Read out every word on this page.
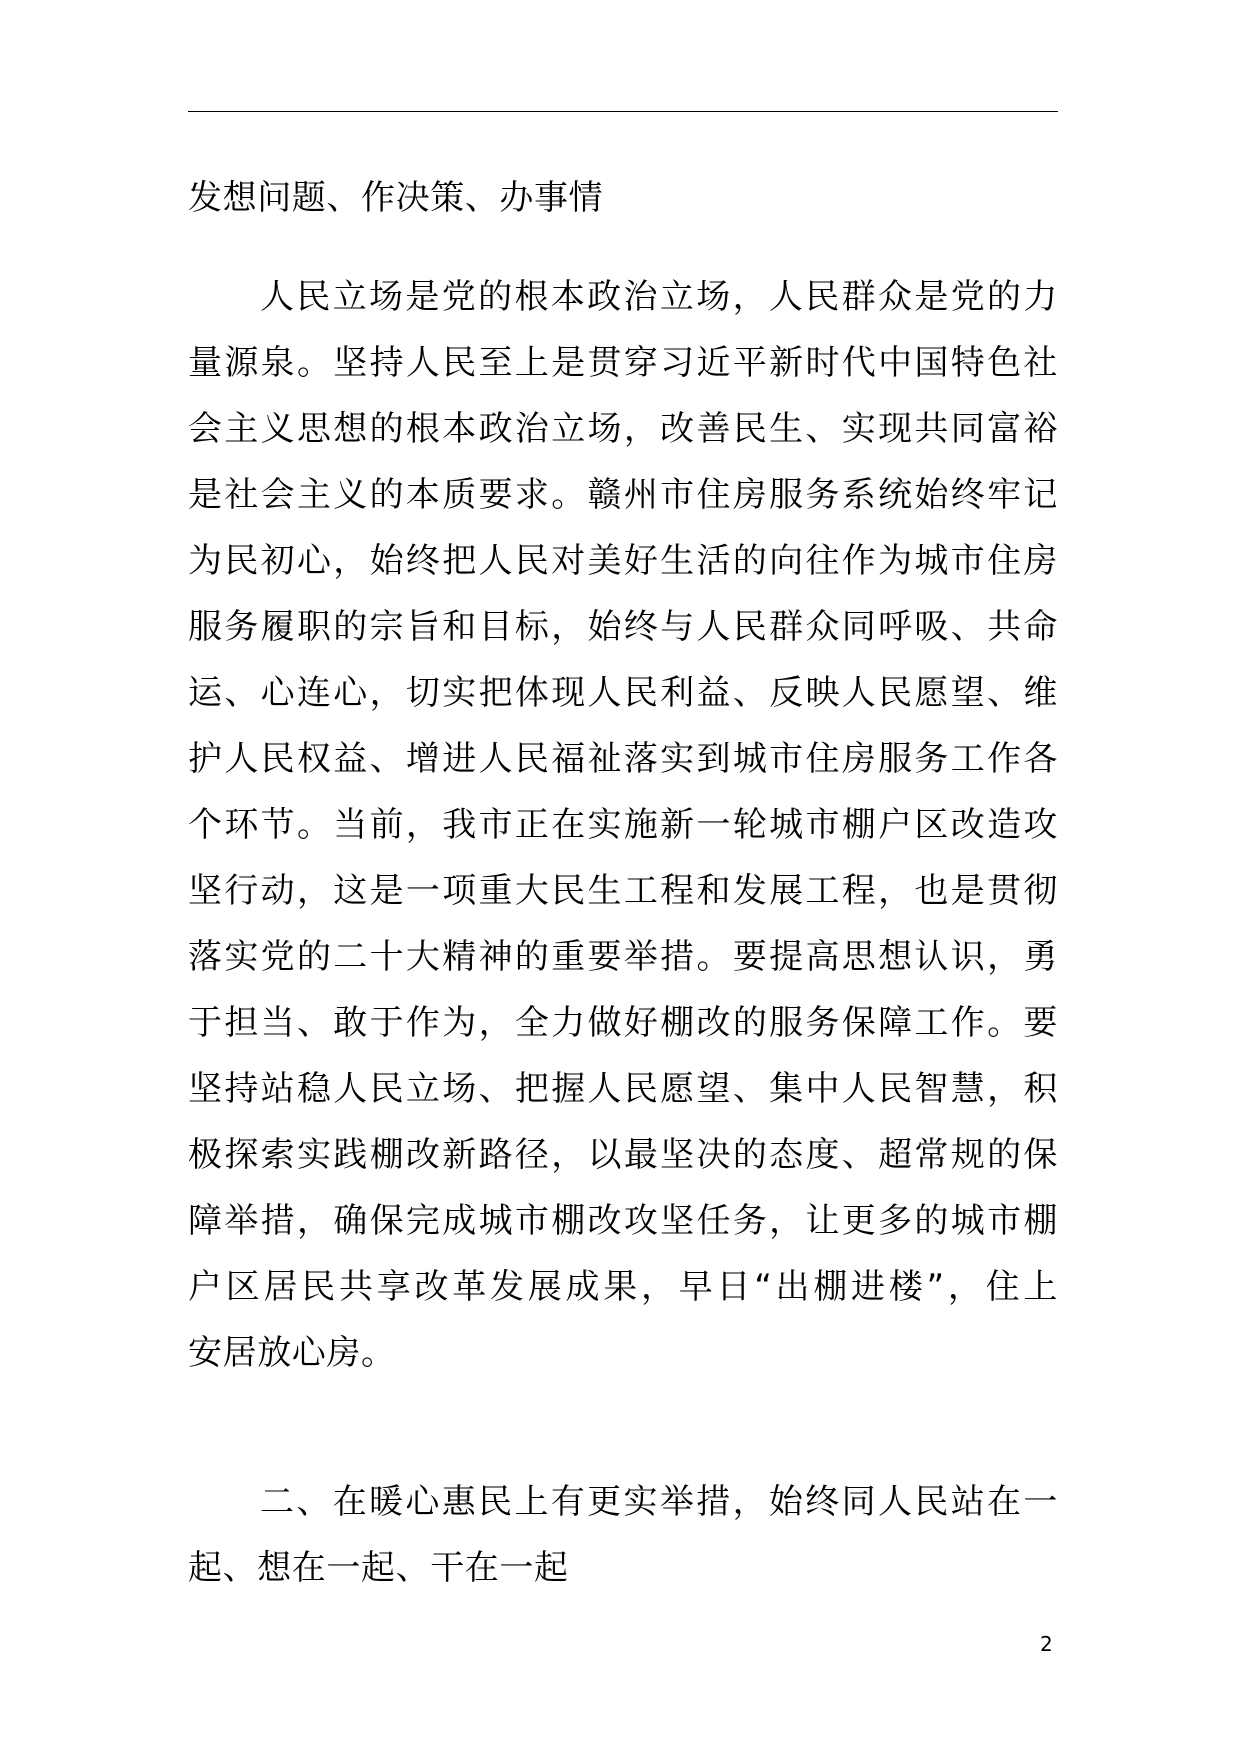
发想问题、作决策、办事情

人民立场是党的根本政治立场，人民群众是党的力
量源泉。坚持人民至上是贯穿习近平新时代中国特色社
会主义思想的根本政治立场，改善民生、实现共同富裕
是社会主义的本质要求。赣州市住房服务系统始终牢记
为民初心，始终把人民对美好生活的向往作为城市住房
服务履职的宗旨和目标，始终与人民群众同呼吸、共命
运、心连心，切实把体现人民利益、反映人民愿望、维
护人民权益、增进人民福祉落实到城市住房服务工作各
个环节。当前，我市正在实施新一轮城市棚户区改造攻
坚行动，这是一项重大民生工程和发展工程，也是贯彻
落实党的二十大精神的重要举措。要提高思想认识，勇
于担当、敢于作为，全力做好棚改的服务保障工作。要
坚持站稳人民立场、把握人民愿望、集中人民智慧，积
极探索实践棚改新路径，以最坚决的态度、超常规的保
障举措，确保完成城市棚改攻坚任务，让更多的城市棚
户区居民共享改革发展成果，早日“出棚进楼”，住上
安居放心房。

二、在暖心惠民上有更实举措，始终同人民站在一
起、想在一起、干在一起

2
